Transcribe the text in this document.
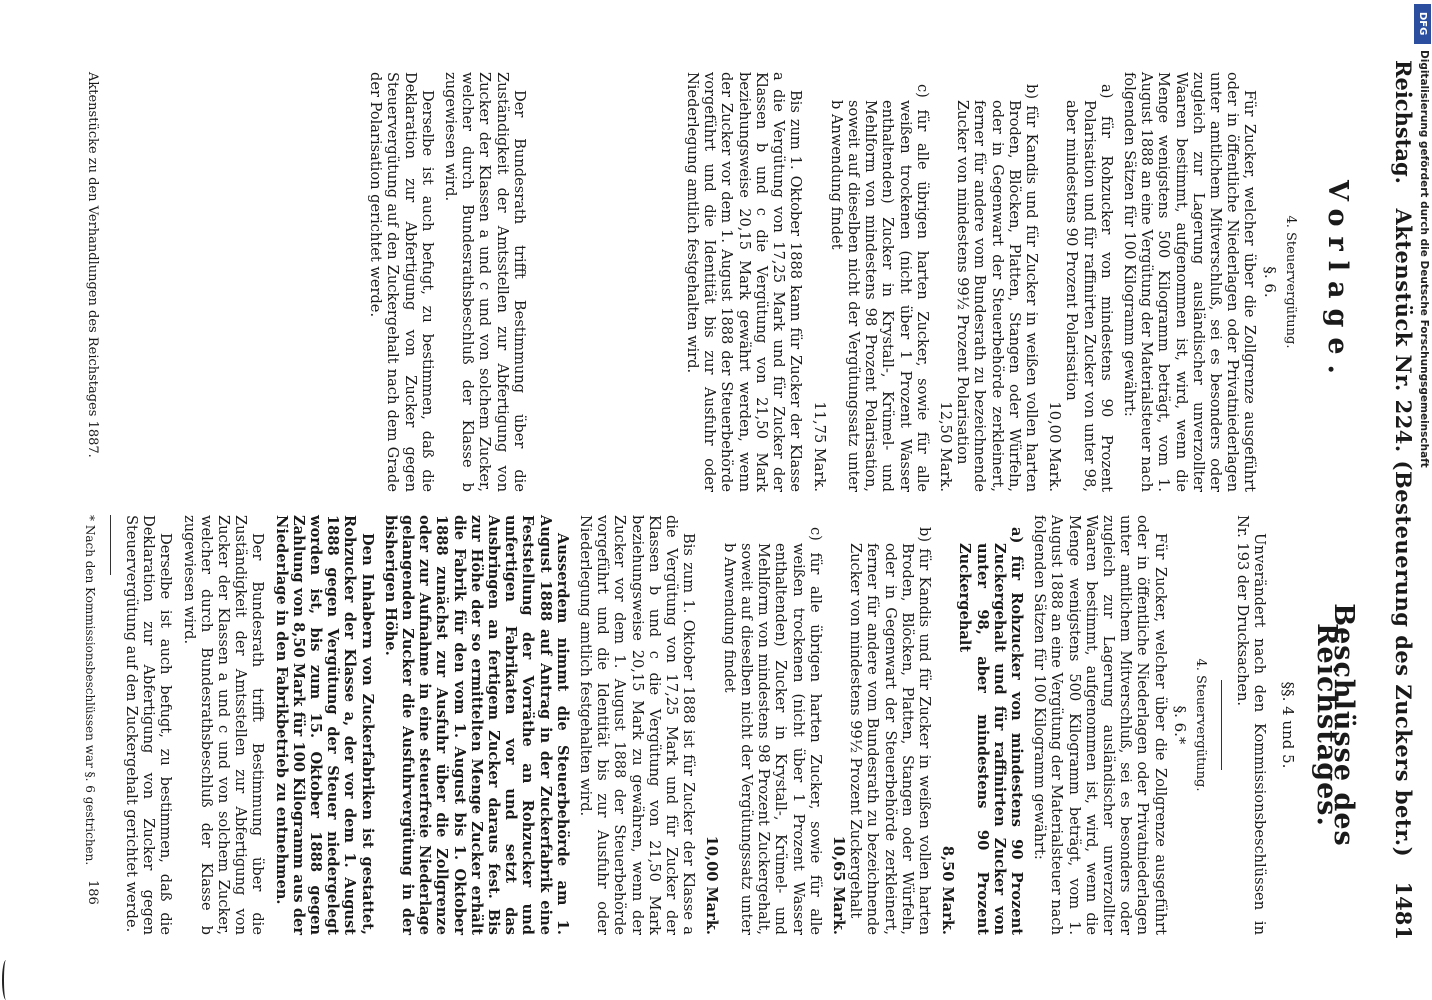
Reichstag.
Aktenstück Nr. 224. (Besteuerung des Zuckers betr.)
1481
Vorlage.
4. Steuervergütung.
§. 6.

Für Zucker, welcher über die Zollgrenze ausgeführt oder in öffentliche Niederlagen oder Privatniederlagen unter amtlichem Mitverschluß, sei es besonders oder zugleich zur Lagerung ausländischer unverzollter Waaren bestimmt, aufgenommen ist, wird, wenn die Menge wenigstens 500 Kilogramm beträgt, vom 1. August 1888 an eine Vergütung der Materialsteuer nach folgenden Sätzen für 100 Kilogramm gewährt:

a) für Rohzucker von mindestens 90 Prozent Polarisation und für raffinirten Zucker von unter 98, aber mindestens 90 Prozent Polarisation
10,00 Mark.
b) für Kandis und für Zucker in weißen vollen harten Broden, Blöcken, Platten, Stangen oder Würfeln, oder in Gegenwart der Steuerbehörde zerkleinert, ferner für andere vom Bundesrath zu bezeichnende Zucker von mindestens 99½ Prozent Polarisation
12,50 Mark.
c) für alle übrigen harten Zucker, sowie für alle weißen trockenen (nicht über 1 Prozent Wasser enthaltenden) Zucker in Krystall-, Krümel- und Mehlform von mindestens 98 Prozent Polarisation, soweit auf dieselben nicht der Vergütungssatz unter b Anwendung findet
11,75 Mark.

Bis zum 1. Oktober 1888 kann für Zucker der Klasse a die Vergütung von 17,25 Mark und für Zucker der Klassen b und c die Vergütung von 21,50 Mark beziehungsweise 20,15 Mark gewährt werden, wenn der Zucker vor dem 1. August 1888 der Steuerbehörde vorgeführt und die Identität bis zur Ausfuhr oder Niederlegung amtlich festgehalten wird.

Der Bundesrath trifft Bestimmung über die Zuständigkeit der Amtsstellen zur Abfertigung von Zucker der Klassen a und c und von solchem Zucker, welcher durch Bundesrathsbeschluß der Klasse b zugewiesen wird.

Derselbe ist auch befugt, zu bestimmen, daß die Deklaration zur Abfertigung von Zucker gegen Steuervergütung auf den Zuckergehalt nach dem Grade der Polarisation gerichtet werde.

Beschlüsse des Reichstages.
§§. 4 und 5.

Unverändert nach den Kommissionsbeschlüssen in Nr. 193 der Drucksachen.

4. Steuervergütung.
§. 6.*

Für Zucker, welcher über die Zollgrenze ausgeführt oder in öffentliche Niederlagen oder Privatniederlagen unter amtlichem Mitverschluß, sei es besonders oder zugleich zur Lagerung ausländischer unverzollter Waaren bestimmt, aufgenommen ist, wird, wenn die Menge wenigstens 500 Kilogramm beträgt, vom 1. August 1888 an eine Vergütung der Materialsteuer nach folgenden Sätzen für 100 Kilogramm gewährt:

a) für Rohzucker von mindestens 90 Prozent Zuckergehalt und für raffinirten Zucker von unter 98, aber mindestens 90 Prozent Zuckergehalt
8,50 Mark.
b) für Kandis und für Zucker in weißen vollen harten Broden, Blöcken, Platten, Stangen oder Würfeln, oder in Gegenwart der Steuerbehörde zerkleinert, ferner für andere vom Bundesrath zu bezeichnende Zucker von mindestens 99½ Prozent Zuckergehalt
10,65 Mark.
c) für alle übrigen harten Zucker, sowie für alle weißen trockenen (nicht über 1 Prozent Wasser enthaltenden) Zucker in Krystall-, Krümel- und Mehlform von mindestens 98 Prozent Zuckergehalt, soweit auf dieselben nicht der Vergütungssatz unter b Anwendung findet
10,00 Mark.

Bis zum 1. Oktober 1888 ist für Zucker der Klasse a die Vergütung von 17,25 Mark und für Zucker der Klassen b und c die Vergütung von 21,50 Mark beziehungsweise 20,15 Mark zu gewähren, wenn der Zucker vor dem 1. August 1888 der Steuerbehörde vorgeführt und die Identität bis zur Ausfuhr oder Niederlegung amtlich festgehalten wird.

Ausserdem nimmt die Steuerbehörde am 1. August 1888 auf Antrag in der Zuckerfabrik eine Feststellung der Vorräthe an Rohzucker und unfertigen Fabrikaten vor und setzt das Ausbringen an fertigem Zucker daraus fest. Bis zur Höhe der so ermittelten Menge Zucker erhält die Fabrik für den vom 1. August bis 1. Oktober 1888 zunächst zur Ausfuhr über die Zollgrenze oder zur Aufnahme in eine steuerfreie Niederlage gelangenden Zucker die Ausfuhrvergütung in der bisherigen Höhe.

Den Inhabern von Zuckerfabriken ist gestattet, Rohzucker der Klasse a, der vor dem 1. August 1888 gegen Vergütung der Steuer niedergelegt worden ist, bis zum 15. Oktober 1888 gegen Zahlung von 8,50 Mark für 100 Kilogramm aus der Niederlage in den Fabrikbetrieb zu entnehmen.

Der Bundesrath trifft Bestimmung über die Zuständigkeit der Amtsstellen zur Abfertigung von Zucker der Klassen a und c und von solchem Zucker, welcher durch Bundesrathsbeschluß der Klasse b zugewiesen wird.

Derselbe ist auch befugt, zu bestimmen, daß die Deklaration zur Abfertigung von Zucker gegen Steuervergütung auf den Zuckergehalt gerichtet werde.

* Nach den Kommissionsbeschlüssen war §. 6 gestrichen.
Aktenstücke zu den Verhandlungen des Reichstages 1887.
186
DFG
Digitalisierung gefördert durch die Deutsche Forschungsgemeinschaft
